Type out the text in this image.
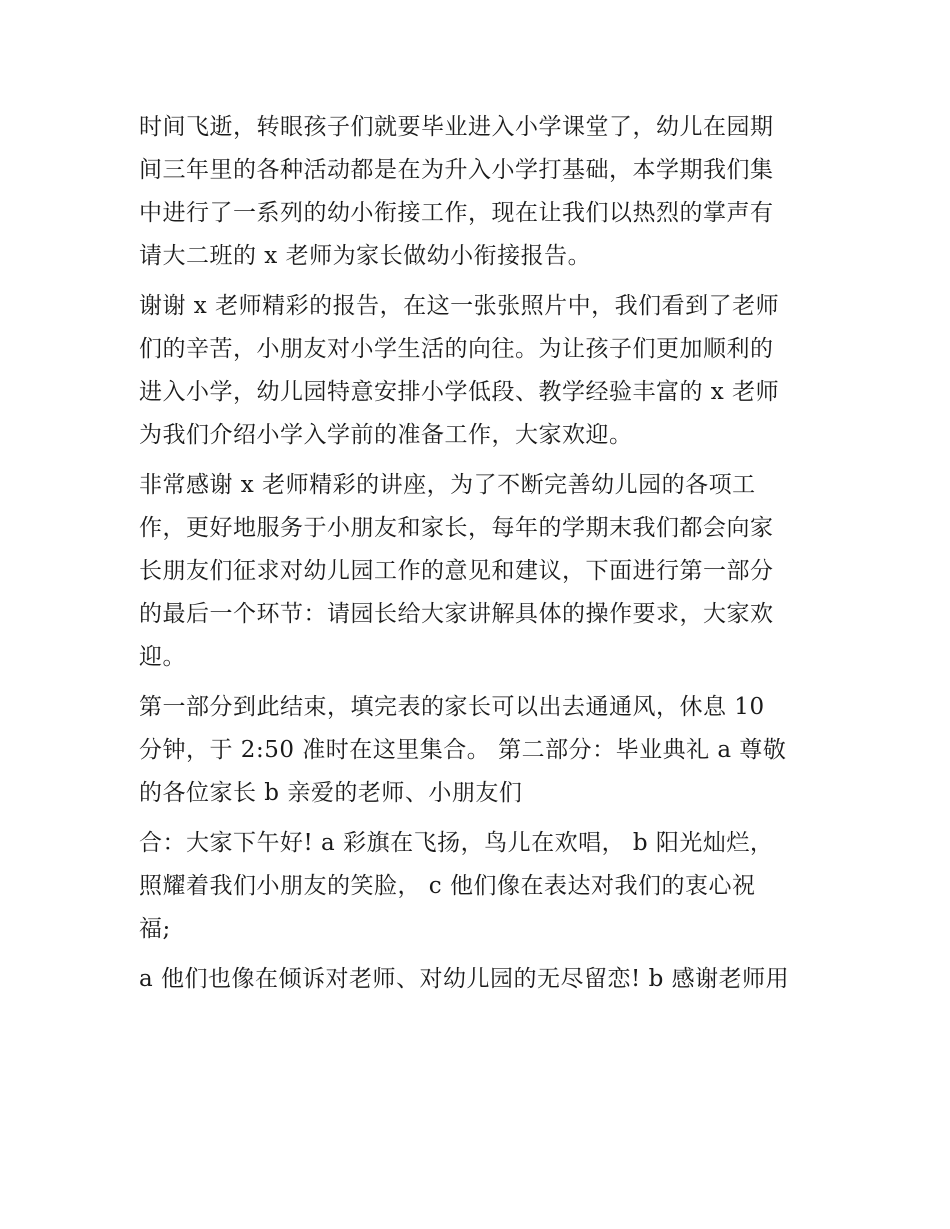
时间飞逝，转眼孩子们就要毕业进入小学课堂了，幼儿在园期
间三年里的各种活动都是在为升入小学打基础，本学期我们集
中进行了一系列的幼小衔接工作，现在让我们以热烈的掌声有
请大二班的 x 老师为家长做幼小衔接报告。

谢谢 x 老师精彩的报告，在这一张张照片中，我们看到了老师
们的辛苦，小朋友对小学生活的向往。为让孩子们更加顺利的
进入小学，幼儿园特意安排小学低段、教学经验丰富的 x 老师
为我们介绍小学入学前的准备工作，大家欢迎。

非常感谢 x 老师精彩的讲座，为了不断完善幼儿园的各项工
作，更好地服务于小朋友和家长，每年的学期末我们都会向家
长朋友们征求对幼儿园工作的意见和建议，下面进行第一部分
的最后一个环节：请园长给大家讲解具体的操作要求，大家欢
迎。

第一部分到此结束，填完表的家长可以出去通通风，休息 10
分钟，于 2:50 准时在这里集合。 第二部分：毕业典礼 a 尊敬
的各位家长 b 亲爱的老师、小朋友们

合：大家下午好! a 彩旗在飞扬，鸟儿在欢唱， b 阳光灿烂，
照耀着我们小朋友的笑脸， c 他们像在表达对我们的衷心祝
福;

a 他们也像在倾诉对老师、对幼儿园的无尽留恋! b 感谢老师用
